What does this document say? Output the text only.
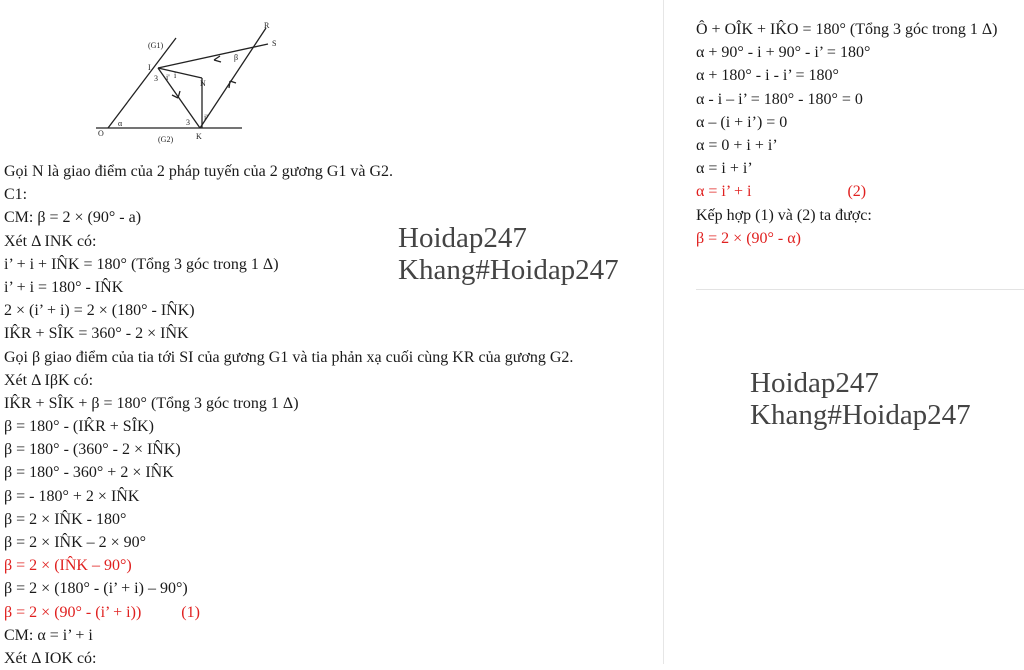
(G1)
(G2)
R
S
I
N
O	K
α
β
i
3 i'
3
i'
Gọi N là giao điểm của 2 pháp tuyến của 2 gương G1 và G2.
C1:
CM: β = 2 × (90° - a)
Xét Δ INK có:
i’ + i + IN̂K = 180° (Tổng 3 góc trong 1 Δ)
i’ + i = 180° - IN̂K
2 × (i’ + i) = 2 × (180° - IN̂K)
IK̂R + SÎK = 360° - 2 × IN̂K
Gọi β giao điểm của tia tới SI của gương G1 và tia phản xạ cuối cùng KR của gương G2.
Xét Δ IβK có:
IK̂R + SÎK + β = 180° (Tổng 3 góc trong 1 Δ)
β = 180° - (IK̂R + SÎK)
β = 180° - (360° - 2 × IN̂K)
β = 180° - 360° + 2 × IN̂K
β = - 180° + 2 × IN̂K
β = 2 × IN̂K - 180°
β = 2 × IN̂K – 2 × 90°
β = 2 × (IN̂K – 90°)
β = 2 × (180° - (i’ + i) – 90°)
β = 2 × (90° - (i’ + i))	(1)
CM: α = i’ + i
Xét Δ IOK có:
Ô + OÎK + IK̂O = 180° (Tổng 3 góc trong 1 Δ)
α + 90° - i + 90° - i’ = 180°
α + 180° - i - i’ = 180°
α - i – i’ = 180° - 180° = 0
α – (i + i’) = 0
α = 0 + i + i’
α = i + i’
α = i’ + i	(2)
Kếp hợp (1) và (2) ta được:
β = 2 × (90° - α)
Hoidap247
Khang#Hoidap247
Hoidap247
Khang#Hoidap247
